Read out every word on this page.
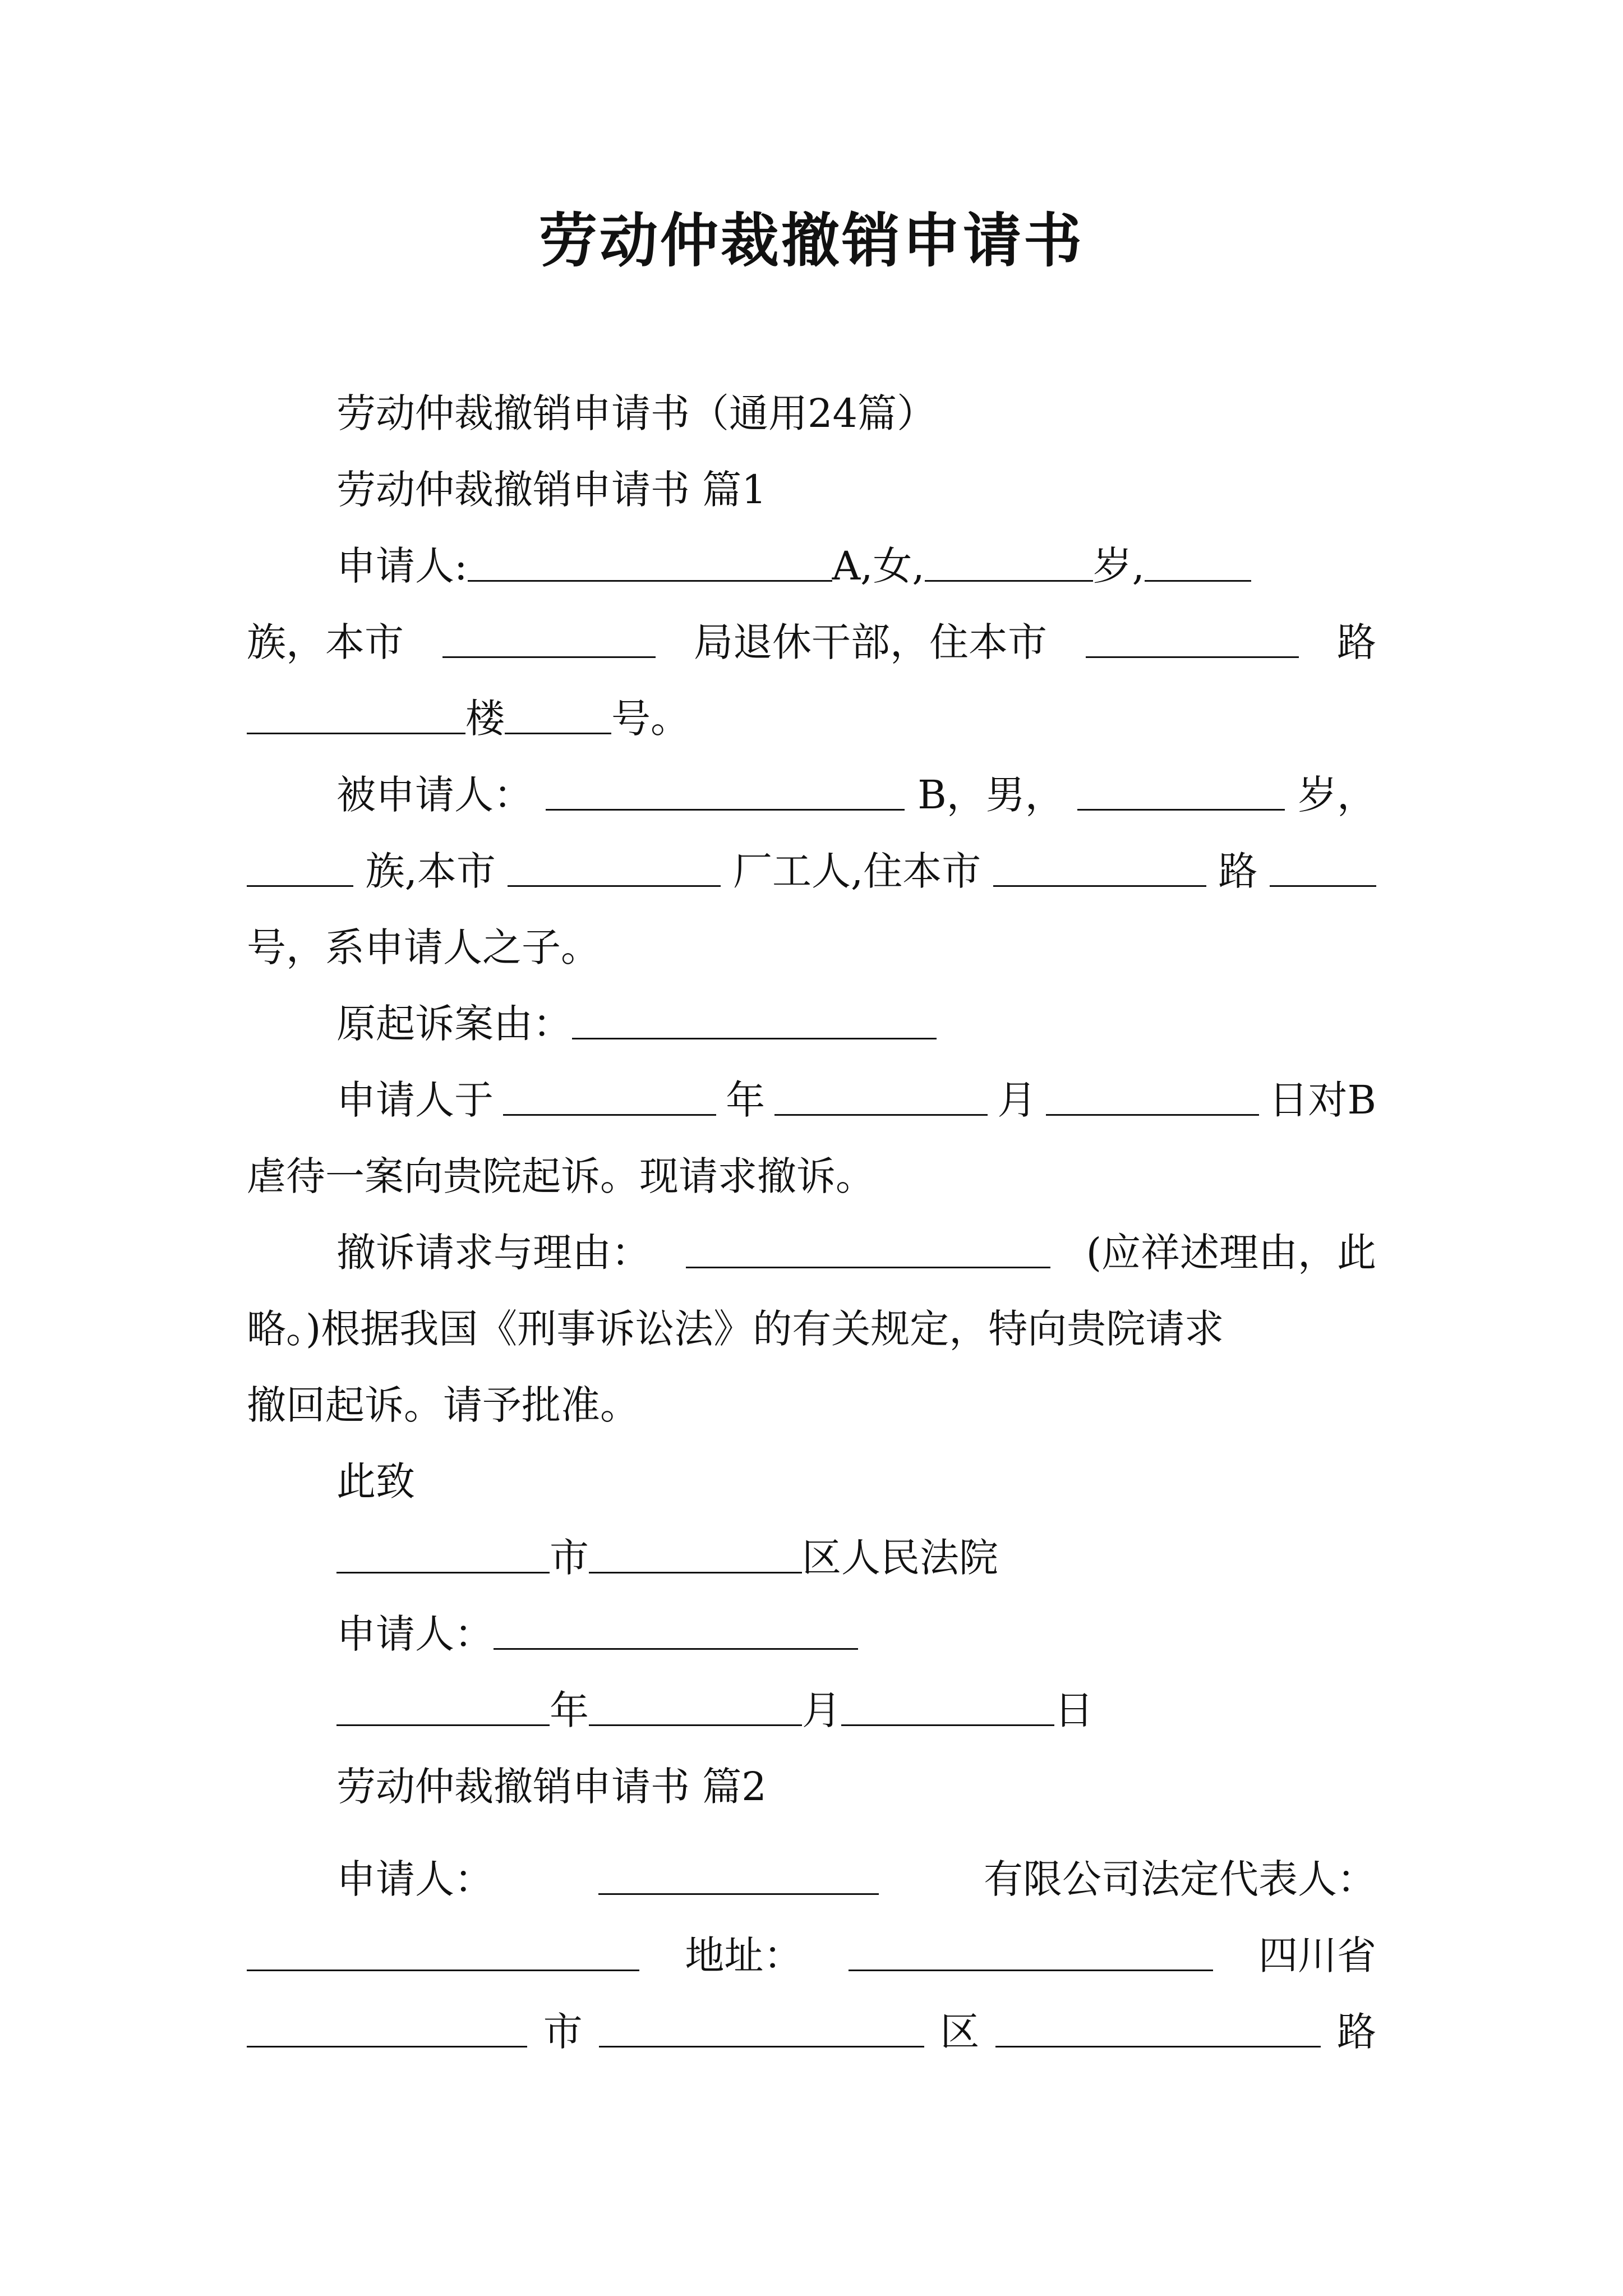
劳动仲裁撤销申请书
劳动仲裁撤销申请书（通用24篇）
劳动仲裁撤销申请书 篇1
申请人:	A,女,	岁,
族，本市	局退休干部，住本市	路
楼	号。
被申请人：	B，男，	岁，
族,本市	厂工人,住本市	路
号，系申请人之子。
原起诉案由：
申请人于	年	月	日对B
虐待一案向贵院起诉。现请求撤诉。
撤诉请求与理由：	(应祥述理由，此
略。)根据我国《刑事诉讼法》的有关规定，特向贵院请求
撤回起诉。请予批准。
此致
市	区人民法院
申请人：
年	月	日
劳动仲裁撤销申请书 篇2
申请人：	有限公司法定代表人：
地址：	四川省
市	区	路
